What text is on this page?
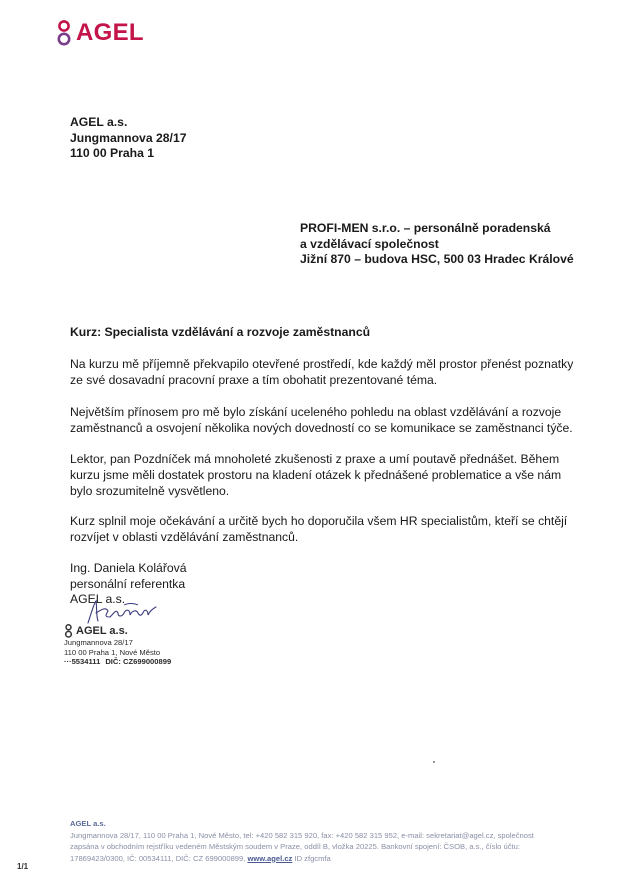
AGEL
AGEL a.s.
Jungmannova 28/17
110 00 Praha 1
PROFI-MEN s.r.o. – personálně poradenská
a vzdělávací společnost
Jižní 870 – budova HSC, 500 03 Hradec Králové
Kurz: Specialista vzdělávání a rozvoje zaměstnanců
Na kurzu mě příjemně překvapilo otevřené prostředí, kde každý měl prostor přenést poznatky
ze své dosavadní pracovní praxe a tím obohatit prezentované téma.
Největším přínosem pro mě bylo získání uceleného pohledu na oblast vzdělávání a rozvoje
zaměstnanců a osvojení několika nových dovedností co se komunikace se zaměstnanci týče.
Lektor, pan Pozdníček má mnoholeté zkušenosti z praxe a umí poutavě přednášet. Během
kurzu jsme měli dostatek prostoru na kladení otázek k přednášené problematice a vše nám
bylo srozumitelně vysvětleno.
Kurz splnil moje očekávání a určitě bych ho doporučila všem HR specialistům, kteří se chtějí
rozvíjet v oblasti vzdělávání zaměstnanců.
Ing. Daniela Kolářová
personální referentka
AGEL a.s.
AGEL a.s.
Jungmannova 28/17
110 00 Praha 1, Nové Město
···5534111 DIČ: CZ699000899
AGEL a.s.
Jungmannova 28/17, 110 00 Praha 1, Nové Město, tel: +420 582 315 920, fax: +420 582 315 952, e-mail: sekretariat@agel.cz, společnost
zapsána v obchodním rejstříku vedeném Městským soudem v Praze, oddíl B, vložka 20225. Bankovní spojení: ČSOB, a.s., číslo účtu:
17869423/0300, IČ: 00534111, DIČ: CZ 699000899, www.agel.cz ID zfgcmfa
1/1
